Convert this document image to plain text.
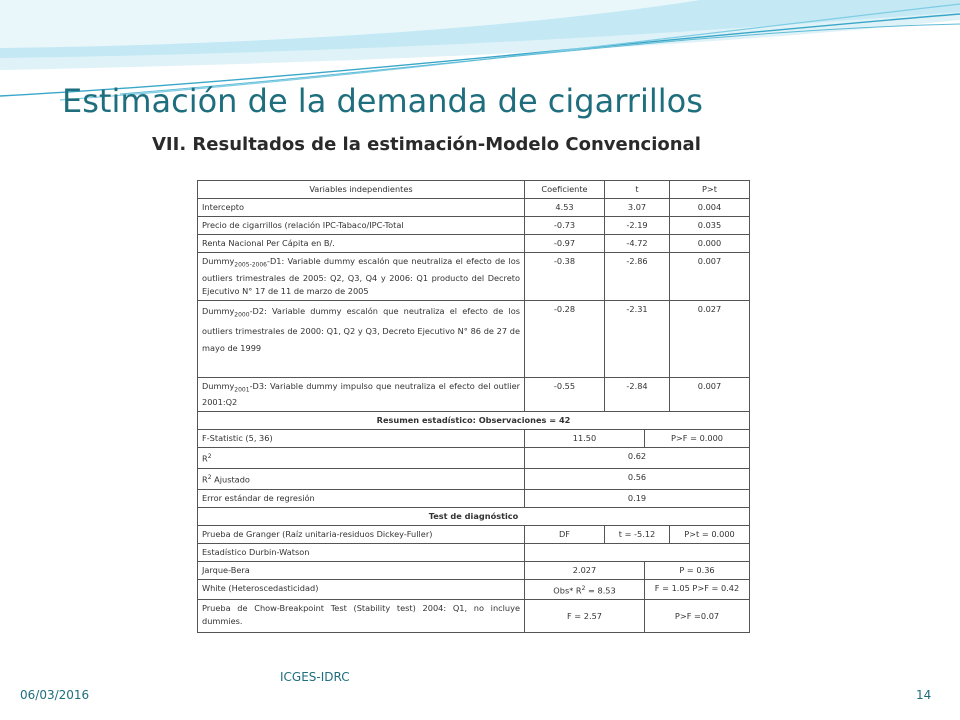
Estimación de la demanda de cigarrillos
VII. Resultados de la estimación-Modelo Convencional
Variables independientes	Coeficiente	t		P>t
Intercepto	4.53	3.07		0.004
Precio de cigarrillos (relación IPC-Tabaco/IPC-Total	-0.73	-2.19		0.035
Renta Nacional Per Cápita en B/.	-0.97	-4.72		0.000
Dummy$_{2005-2006}$-D1: Variable dummy escalón que neutraliza el efecto de los outliers trimestrales de 2005: Q2, Q3, Q4 y 2006: Q1 producto del Decreto Ejecutivo N° 17 de 11 de marzo de 2005	-0.38	-2.86		0.007
Dummy$_{2000}$-D2: Variable dummy escalón que neutraliza el efecto de los outliers trimestrales de 2000: Q1, Q2 y Q3, Decreto Ejecutivo N° 86 de 27 de mayo de 1999	-0.28	-2.31		0.027
Dummy$_{2001}$-D3: Variable dummy impulso que neutraliza el efecto del outlier 2001:Q2	-0.55	-2.84		0.007
Resumen estadístico: Observaciones = 42				
F-Statistic (5, 36)	11.50		P>F = 0.000	
$R^2$	0.62			
$R^2$ Ajustado	0.56			
Error estándar de regresión	0.19			
Test de diagnóstico				
Prueba de Granger (Raíz unitaria-residuos Dickey-Fuller)	DF	t = -5.12		P>t = 0.000
Estadístico Durbin-Watson				
Jarque-Bera	2.027		P = 0.36	
White (Heteroscedasticidad)	Obs* $R^2 = 8.53$		F = 1.05 P>F = 0.42	
Prueba de Chow-Breakpoint Test (Stability test) 2004: Q1, no incluye dummies.	F = 2.57		P>F =0.07	
ICGES-IDRC
06/03/2016	14
